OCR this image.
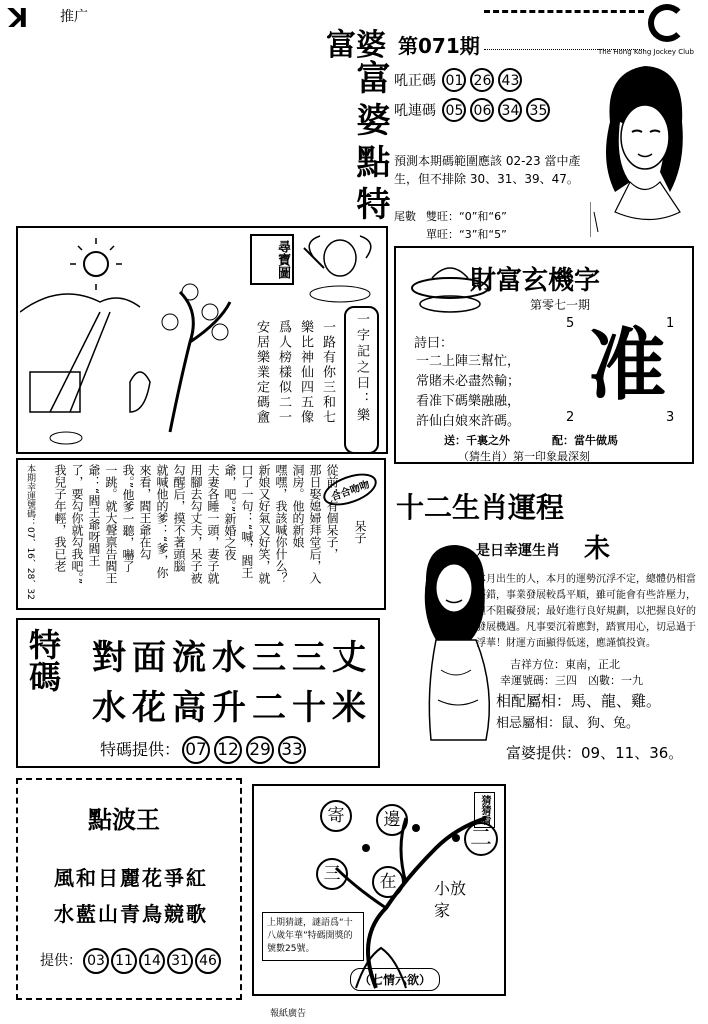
ꓘ 推广
富婆 第071期	The Hong Kong Jockey Club
富婆點特 吼正碼 01 26 43
吼連碼 05 06 34 35
預測本期碼範圍應該 02-23 當中產生，但不排除 30、31、39、47。
尾數 雙旺：“0”和“6”
單旺：“3”和“5”
尋寶圖
一路有你三和七
樂比神仙四五像
爲人榜樣似二一
安居樂業定碼盦	一字記之曰：樂
財富玄機字
第零七一期
詩曰：
一二上陣三幫忙，
常賭未必盡然輸；
看准下碼樂融融，
許仙白娘來許碼。
5	1
准
2	3
送：千裏之外	配：當牛做馬
（猜生肖）第一印象最深刻
本期幸運號碼：07、16、28、32	合合吻吻
呆子
從前，有個呆子，
那日娶媳婦拜堂后，入
洞房。他的新娘
嘿嘿，我該喊你什么？
新娘又好氣又好笑，就
口了一句：“喊，閻王
爺，吧。”新婚之夜
夫妻各睡一頭，妻子就
用腳去勾丈夫，呆子被
勾醒后，摸不著頭腦
就喊他的爹：“爹，你
來看，閻王爺在勾
我。”他爹一聽，嚇了
一跳。就大聲禀告閻王
爺：“閻王爺呀閻王
了，要勾你就勾我吧。”
我兒子年輕，我已老	十二生肖運程
是日幸運生肖 未
本月出生的人，本月的運勢沉浮不定，總體仍相當不錯，事業發展較爲平順，雖可能會有些許壓力，但不阻礙發展；最好進行良好規劃，以把握良好的發展機遇。凡事要沉着應對，踏實用心，切忌過于浮華！財運方面顯得低迷，應謹慎投資。
吉祥方位：東南，正北
幸運號碼：三四　凶數：一九
相配屬相：馬、龍、雞。
相忌屬相：鼠、狗、兔。
富婆提供：09、11、36。
特碼 對面流水三三丈
水花高升二十米
特碼提供： 07 12 29 33
點波王
風和日麗花爭紅
水藍山青鳥競歌
提供： 03 11 14 31 46
猜猜看
寄	邊
二
三	在	小放家
上期猜謎，謎語爲“十八歲年華”特碼開獎的號數25號。
（七情六欲）
報紙廣告
